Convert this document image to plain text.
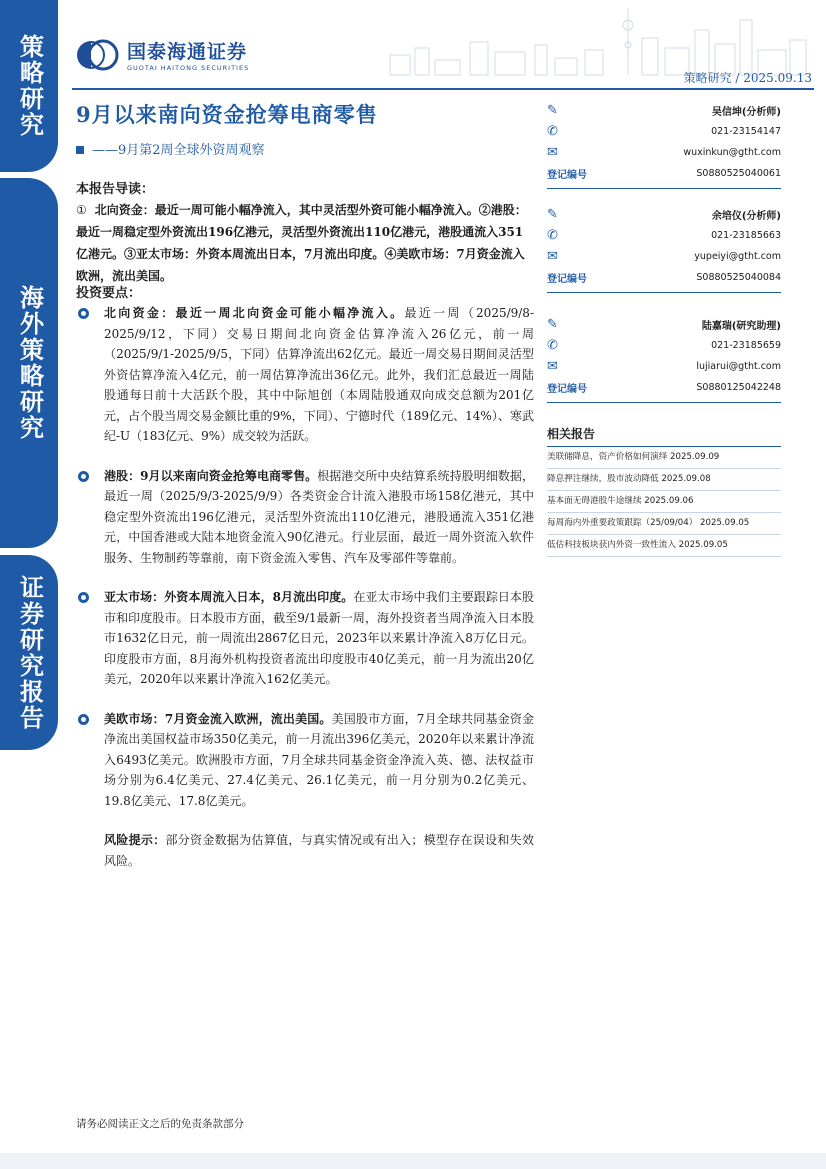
策略研究
海外策略研究
证券研究报告
国泰海通证券
GUOTAI HAITONG SECURITIES
策略研究 / 2025.09.13
9月以来南向资金抢筹电商零售
——9月第2周全球外资周观察
本报告导读：
① 北向资金：最近一周可能小幅净流入，其中灵活型外资可能小幅净流入。②港股：最近一周稳定型外资流出196亿港元，灵活型外资流出110亿港元，港股通流入351亿港元。③亚太市场：外资本周流出日本，7月流出印度。④美欧市场：7月资金流入欧洲，流出美国。
投资要点：
北向资金：最近一周北向资金可能小幅净流入。最近一周（2025/9/8-2025/9/12，下同）交易日期间北向资金估算净流入26亿元，前一周（2025/9/1-2025/9/5，下同）估算净流出62亿元。最近一周交易日期间灵活型外资估算净流入4亿元，前一周估算净流出36亿元。此外，我们汇总最近一周陆股通每日前十大活跃个股，其中中际旭创（本周陆股通双向成交总额为201亿元，占个股当周交易金额比重的9%，下同）、宁德时代（189亿元、14%）、寒武纪-U（183亿元、9%）成交较为活跃。
港股：9月以来南向资金抢筹电商零售。根据港交所中央结算系统持股明细数据，最近一周（2025/9/3-2025/9/9）各类资金合计流入港股市场158亿港元，其中稳定型外资流出196亿港元，灵活型外资流出110亿港元，港股通流入351亿港元，中国香港或大陆本地资金流入90亿港元。行业层面，最近一周外资流入软件服务、生物制药等靠前，南下资金流入零售、汽车及零部件等靠前。
亚太市场：外资本周流入日本，8月流出印度。在亚太市场中我们主要跟踪日本股市和印度股市。日本股市方面，截至9/1最新一周，海外投资者当周净流入日本股市1632亿日元，前一周流出2867亿日元，2023年以来累计净流入8万亿日元。印度股市方面，8月海外机构投资者流出印度股市40亿美元，前一月为流出20亿美元，2020年以来累计净流入162亿美元。
美欧市场：7月资金流入欧洲，流出美国。美国股市方面，7月全球共同基金资金净流出美国权益市场350亿美元，前一月流出396亿美元，2020年以来累计净流入6493亿美元。欧洲股市方面，7月全球共同基金资金净流入英、德、法权益市场分别为6.4亿美元、27.4亿美元、26.1亿美元，前一月分别为0.2亿美元、19.8亿美元、17.8亿美元。
风险提示：部分资金数据为估算值，与真实情况或有出入；模型存在误设和失效风险。
✎	吴信坤(分析师)
✆	021-23154147
✉	wuxinkun@gtht.com
登记编号	S0880525040061
✎	余培仪(分析师)
✆	021-23185663
✉	yupeiyi@gtht.com
登记编号	S0880525040084
✎	陆嘉瑞(研究助理)
✆	021-23185659
✉	lujiarui@gtht.com
登记编号	S0880125042248
相关报告
美联储降息，资产价格如何演绎 2025.09.09
降息押注继续，股市波动降低 2025.09.08
基本面无碍港股牛途继续 2025.09.06
每周海内外重要政策跟踪（25/09/04） 2025.09.05
低估科技板块获内外资一致性流入 2025.09.05
请务必阅读正文之后的免责条款部分
